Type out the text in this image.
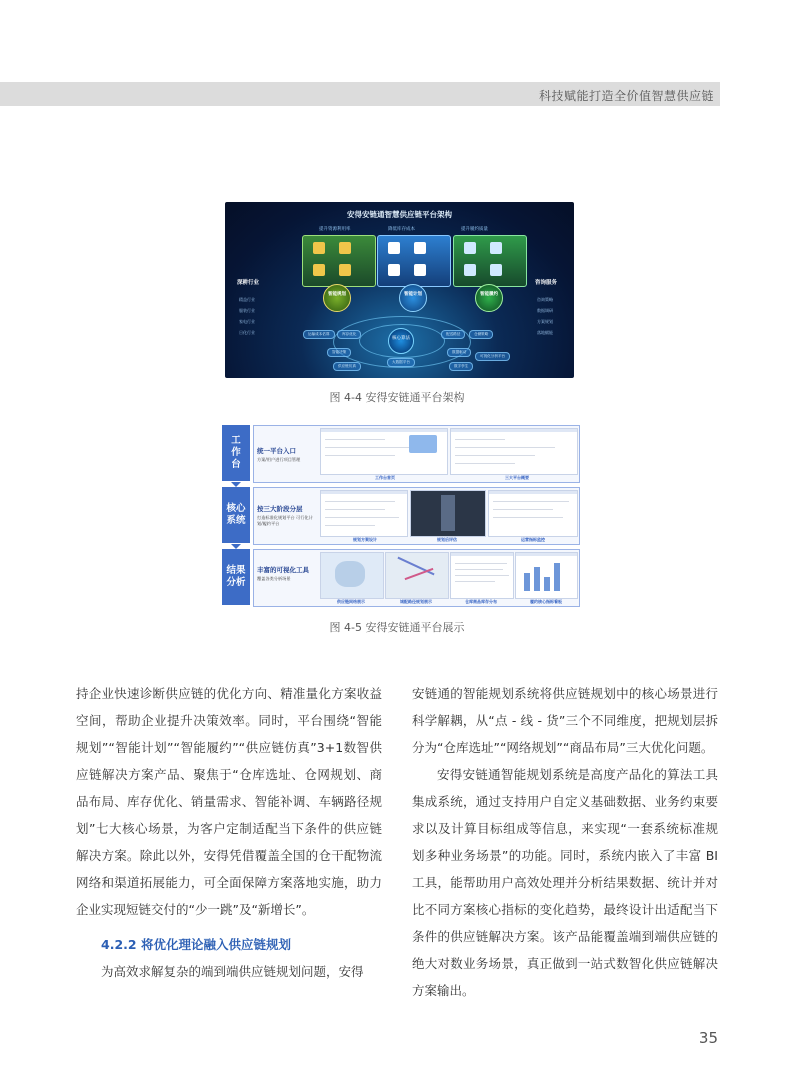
科技赋能打造全价值智慧供应链
安得安链通智慧供应链平台架构
提升资源利用率	降低库存成本	提升履约质量
智能规划	智能计划	智能履约
深耕行业
精益行业
服装行业
家电行业
日化行业
咨询服务
咨询策略
数据调研
方案规划
落地赋能
核心算法
运输成本估算	库存优化	配送路径	仓储策略
智能决策	数据驱动
供应链仿真
大数据平台
数字孪生
可视化分析平台
图 4-4 安得安链通平台架构
工作台
统一平台入口
方案/用户进行项目管理
工作台首页	三大平台概要
核心系统
按三大阶段分层
打造标准化规划平台 可行化计划/履约平台
规划方案设计	规划后评估	运营指标监控
结果分析
丰富的可视化工具
覆盖各类分析场景
供应链网络展示	城配路径规划展示	仓库商品库存分布	履约核心指标看板
图 4-5 安得安链通平台展示

持企业快速诊断供应链的优化方向、精准量化方案收益空间，帮助企业提升决策效率。同时，平台围绕“智能规划”“智能计划”“智能履约”“供应链仿真”3+1数智供应链解决方案产品、聚焦于“仓库选址、仓网规划、商品布局、库存优化、销量需求、智能补调、车辆路径规划”七大核心场景，为客户定制适配当下条件的供应链解决方案。除此以外，安得凭借覆盖全国的仓干配物流网络和渠道拓展能力，可全面保障方案落地实施，助力企业实现短链交付的“少一跳”及“新增长”。

4.2.2 将优化理论融入供应链规划

为高效求解复杂的端到端供应链规划问题，安得

安链通的智能规划系统将供应链规划中的核心场景进行科学解耦，从“点 - 线 - 货”三个不同维度，把规划层拆分为“仓库选址”“网络规划”“商品布局”三大优化问题。

安得安链通智能规划系统是高度产品化的算法工具集成系统，通过支持用户自定义基础数据、业务约束要求以及计算目标组成等信息，来实现“一套系统标准规划多种业务场景”的功能。同时，系统内嵌入了丰富 BI 工具，能帮助用户高效处理并分析结果数据、统计并对比不同方案核心指标的变化趋势，最终设计出适配当下条件的供应链解决方案。该产品能覆盖端到端供应链的绝大对数业务场景，真正做到一站式数智化供应链解决方案输出。

35
